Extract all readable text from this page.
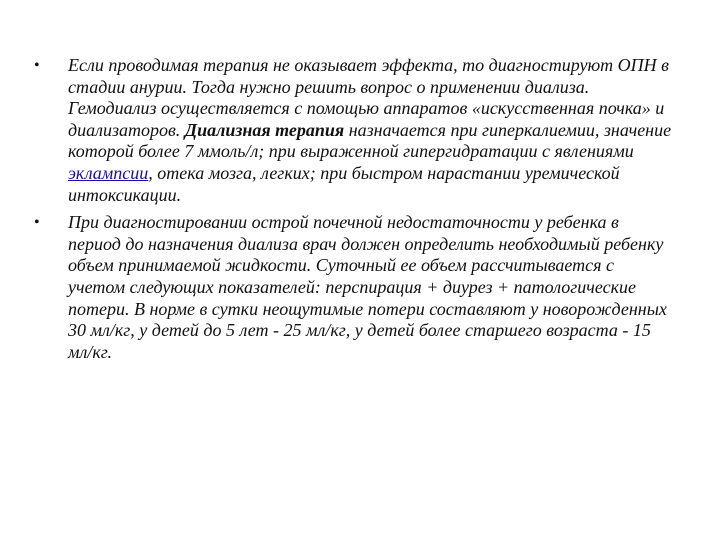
• Если проводимая терапия не оказывает эффекта, то диагностируют ОПН в стадии анурии. Тогда нужно решить вопрос о применении диализа. Гемодиализ осуществляется с помощью аппаратов «искусственная почка» и диализаторов. Диализная терапия назначается при гиперкалиемии, значение которой более 7 ммоль/л; при выраженной гипергидратации с явлениями эклампсии, отека мозга, легких; при быстром нарастании уремической интоксикации.
• При диагностировании острой почечной недостаточности у ребенка в период до назначения диализа врач должен определить необходимый ребенку объем принимаемой жидкости. Суточный ее объем рассчитывается с учетом следующих показателей: перспирация + диурез + патологические потери. В норме в сутки неощутимые потери составляют у новорожденных 30 мл/кг, у детей до 5 лет - 25 мл/кг, у детей более старшего возраста - 15 мл/кг.
